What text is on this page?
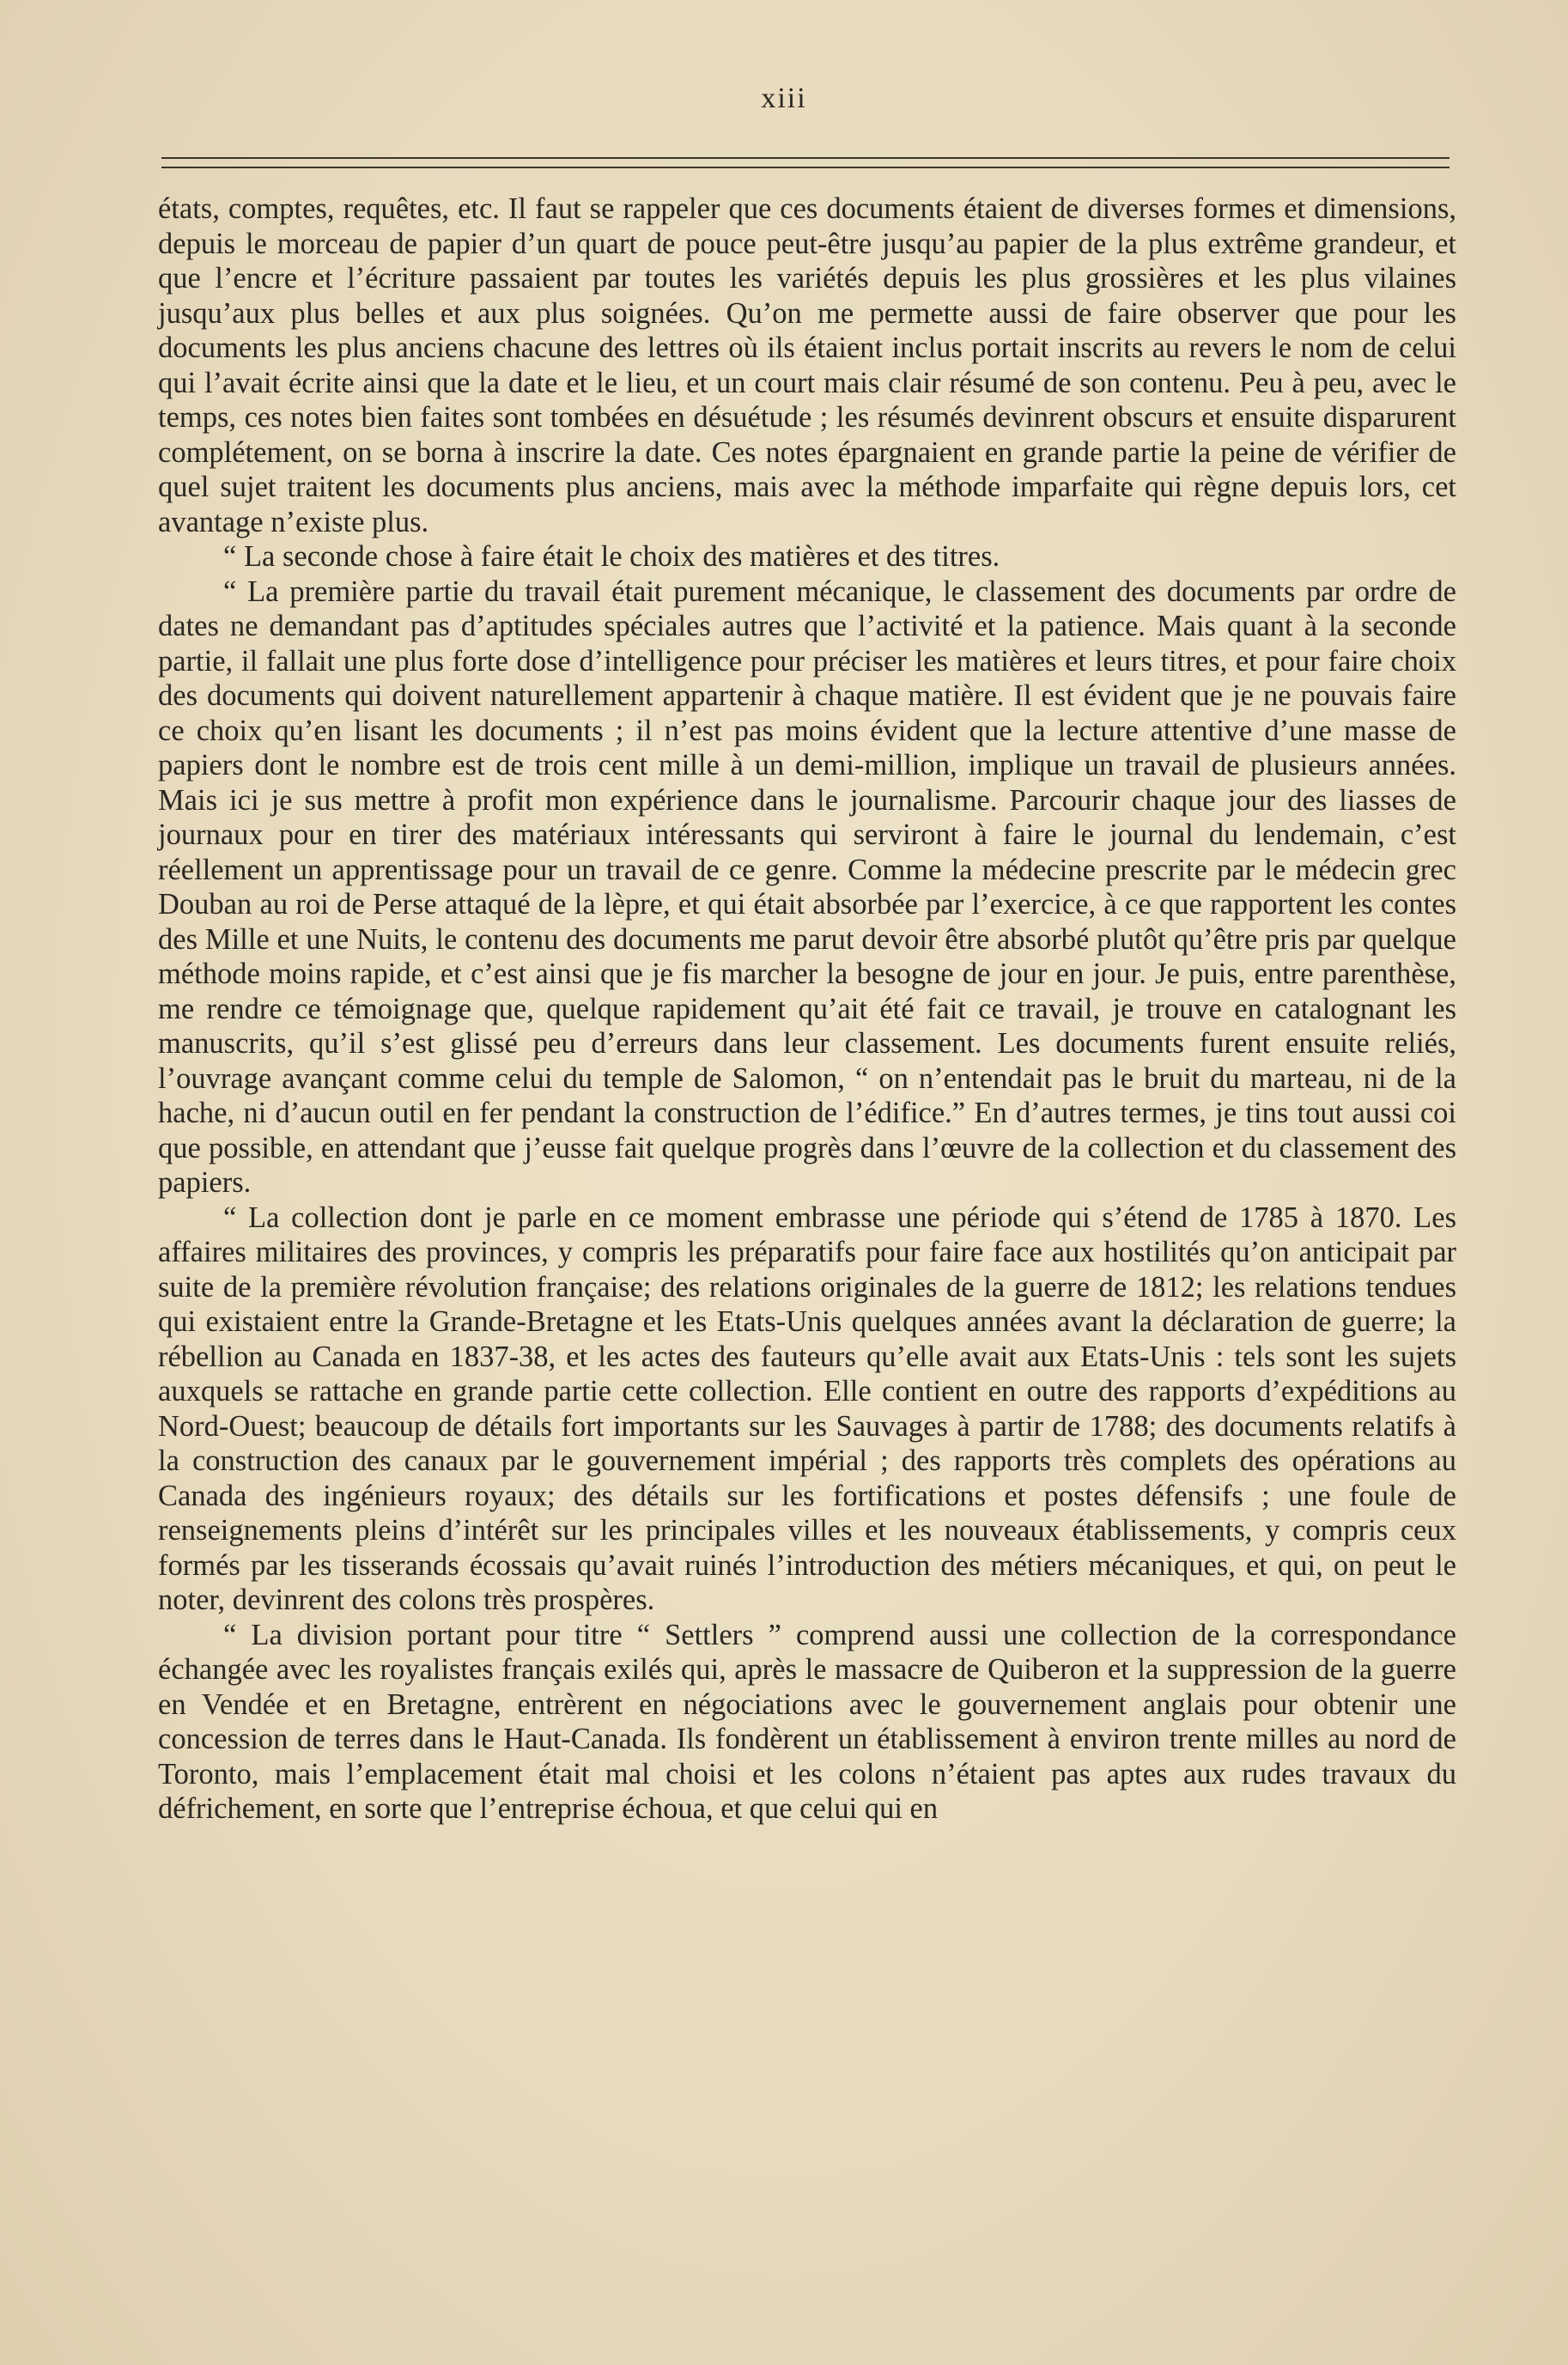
xiii

états, comptes, requêtes, etc. Il faut se rappeler que ces documents étaient de diverses formes et dimensions, depuis le morceau de papier d’un quart de pouce peut-être jusqu’au papier de la plus extrême grandeur, et que l’encre et l’écriture passaient par toutes les variétés depuis les plus grossières et les plus vilaines jusqu’aux plus belles et aux plus soignées. Qu’on me permette aussi de faire observer que pour les documents les plus anciens chacune des lettres où ils étaient inclus portait inscrits au revers le nom de celui qui l’avait écrite ainsi que la date et le lieu, et un court mais clair résumé de son contenu. Peu à peu, avec le temps, ces notes bien faites sont tombées en désuétude ; les résumés devinrent obscurs et ensuite disparurent complétement, on se borna à inscrire la date. Ces notes épargnaient en grande partie la peine de vérifier de quel sujet traitent les documents plus anciens, mais avec la méthode imparfaite qui règne depuis lors, cet avantage n’existe plus.

“ La seconde chose à faire était le choix des matières et des titres.

“ La première partie du travail était purement mécanique, le classement des documents par ordre de dates ne demandant pas d’aptitudes spéciales autres que l’activité et la patience. Mais quant à la seconde partie, il fallait une plus forte dose d’intelligence pour préciser les matières et leurs titres, et pour faire choix des documents qui doivent naturellement appartenir à chaque matière. Il est évident que je ne pouvais faire ce choix qu’en lisant les documents ; il n’est pas moins évident que la lecture attentive d’une masse de papiers dont le nombre est de trois cent mille à un demi-million, implique un travail de plusieurs années. Mais ici je sus mettre à profit mon expérience dans le journalisme. Parcourir chaque jour des liasses de journaux pour en tirer des matériaux intéressants qui serviront à faire le journal du lendemain, c’est réellement un apprentissage pour un travail de ce genre. Comme la médecine prescrite par le médecin grec Douban au roi de Perse attaqué de la lèpre, et qui était absorbée par l’exercice, à ce que rapportent les contes des Mille et une Nuits, le contenu des documents me parut devoir être absorbé plutôt qu’être pris par quelque méthode moins rapide, et c’est ainsi que je fis marcher la besogne de jour en jour. Je puis, entre parenthèse, me rendre ce témoignage que, quelque rapidement qu’ait été fait ce travail, je trouve en catalognant les manuscrits, qu’il s’est glissé peu d’erreurs dans leur classement. Les documents furent ensuite reliés, l’ouvrage avançant comme celui du temple de Salomon, “ on n’entendait pas le bruit du marteau, ni de la hache, ni d’aucun outil en fer pendant la construction de l’édifice.” En d’autres termes, je tins tout aussi coi que possible, en attendant que j’eusse fait quelque progrès dans l’œuvre de la collection et du classement des papiers.

“ La collection dont je parle en ce moment embrasse une période qui s’étend de 1785 à 1870. Les affaires militaires des provinces, y compris les préparatifs pour faire face aux hostilités qu’on anticipait par suite de la première révolution française; des relations originales de la guerre de 1812; les relations tendues qui existaient entre la Grande-Bretagne et les Etats-Unis quelques années avant la déclaration de guerre; la rébellion au Canada en 1837-38, et les actes des fauteurs qu’elle avait aux Etats-Unis : tels sont les sujets auxquels se rattache en grande partie cette collection. Elle contient en outre des rapports d’expéditions au Nord-Ouest; beaucoup de détails fort importants sur les Sauvages à partir de 1788; des documents relatifs à la construction des canaux par le gouvernement impérial ; des rapports très complets des opérations au Canada des ingénieurs royaux; des détails sur les fortifications et postes défensifs ; une foule de renseignements pleins d’intérêt sur les principales villes et les nouveaux établissements, y compris ceux formés par les tisserands écossais qu’avait ruinés l’introduction des métiers mécaniques, et qui, on peut le noter, devinrent des colons très prospères.

“ La division portant pour titre “ Settlers ” comprend aussi une collection de la correspondance échangée avec les royalistes français exilés qui, après le massacre de Quiberon et la suppression de la guerre en Vendée et en Bretagne, entrèrent en négociations avec le gouvernement anglais pour obtenir une concession de terres dans le Haut-Canada. Ils fondèrent un établissement à environ trente milles au nord de Toronto, mais l’emplacement était mal choisi et les colons n’étaient pas aptes aux rudes travaux du défrichement, en sorte que l’entreprise échoua, et que celui qui en
